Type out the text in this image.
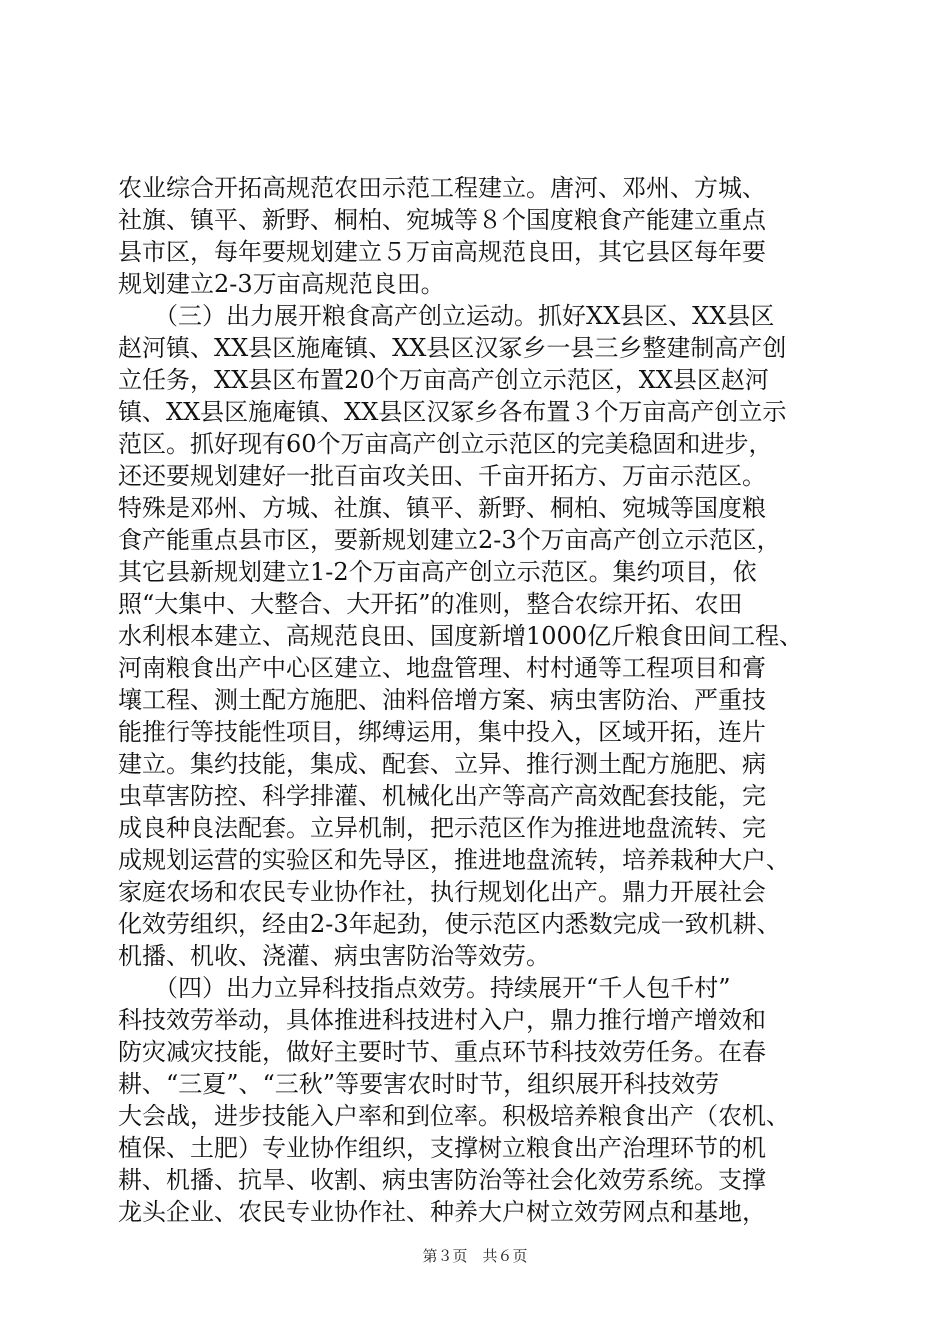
农业综合开拓高规范农田示范工程建立。唐河、邓州、方城、
社旗、镇平、新野、桐柏、宛城等８个国度粮食产能建立重点
县市区，每年要规划建立５万亩高规范良田，其它县区每年要
规划建立2-3万亩高规范良田。
　　（三）出力展开粮食高产创立运动。抓好XX县区、XX县区
赵河镇、XX县区施庵镇、XX县区汉冢乡一县三乡整建制高产创
立任务，XX县区布置20个万亩高产创立示范区，XX县区赵河
镇、XX县区施庵镇、XX县区汉冢乡各布置３个万亩高产创立示
范区。抓好现有60个万亩高产创立示范区的完美稳固和进步，
还还要规划建好一批百亩攻关田、千亩开拓方、万亩示范区。
特殊是邓州、方城、社旗、镇平、新野、桐柏、宛城等国度粮
食产能重点县市区，要新规划建立2-3个万亩高产创立示范区，
其它县新规划建立1-2个万亩高产创立示范区。集约项目，依
照“大集中、大整合、大开拓”的准则，整合农综开拓、农田
水利根本建立、高规范良田、国度新增1000亿斤粮食田间工程、
河南粮食出产中心区建立、地盘管理、村村通等工程项目和膏
壤工程、测土配方施肥、油料倍增方案、病虫害防治、严重技
能推行等技能性项目，绑缚运用，集中投入，区域开拓，连片
建立。集约技能，集成、配套、立异、推行测土配方施肥、病
虫草害防控、科学排灌、机械化出产等高产高效配套技能，完
成良种良法配套。立异机制，把示范区作为推进地盘流转、完
成规划运营的实验区和先导区，推进地盘流转，培养栽种大户、
家庭农场和农民专业协作社，执行规划化出产。鼎力开展社会
化效劳组织，经由2-3年起劲，使示范区内悉数完成一致机耕、
机播、机收、浇灌、病虫害防治等效劳。
　　（四）出力立异科技指点效劳。持续展开“千人包千村”
科技效劳举动，具体推进科技进村入户，鼎力推行增产增效和
防灾减灾技能，做好主要时节、重点环节科技效劳任务。在春
耕、“三夏”、“三秋”等要害农时时节，组织展开科技效劳
大会战，进步技能入户率和到位率。积极培养粮食出产（农机、
植保、土肥）专业协作组织，支撑树立粮食出产治理环节的机
耕、机播、抗旱、收割、病虫害防治等社会化效劳系统。支撑
龙头企业、农民专业协作社、种养大户树立效劳网点和基地，
第３页　共６页
